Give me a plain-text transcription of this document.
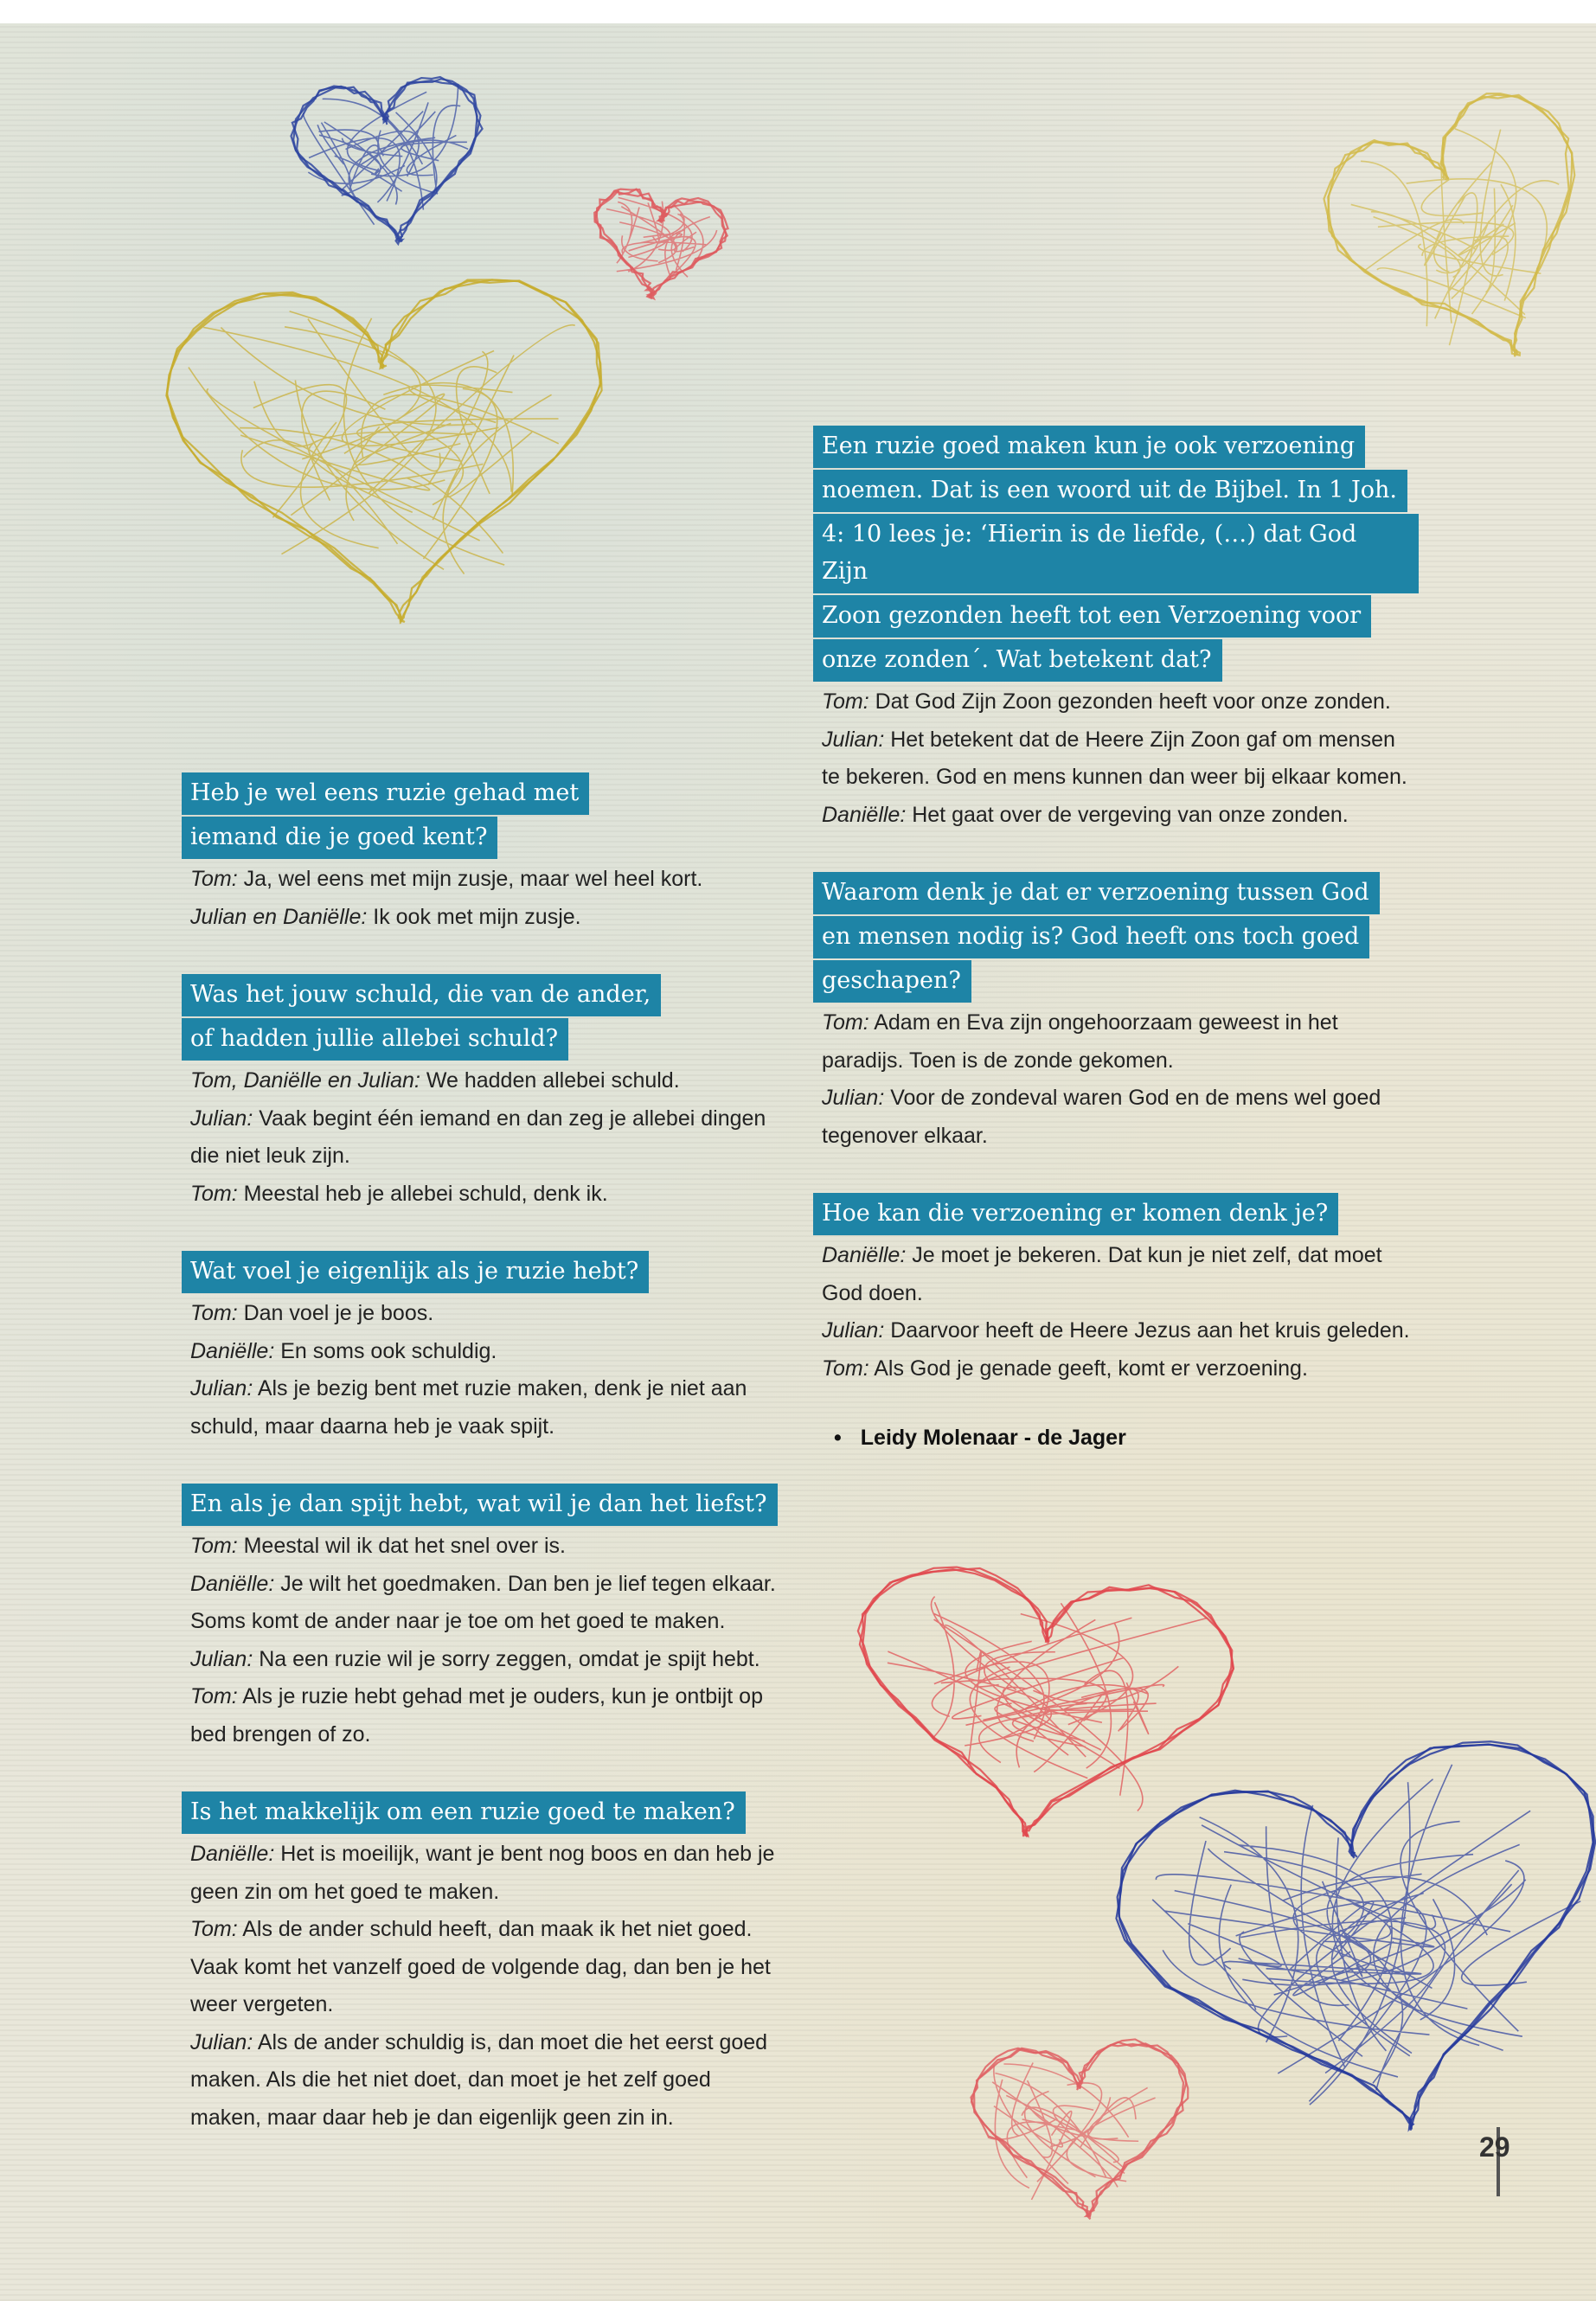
Heb je wel eens ruzie gehad met
iemand die je goed kent?

Tom: Ja, wel eens met mijn zusje, maar wel heel kort.

Julian en Daniëlle: Ik ook met mijn zusje.

Was het jouw schuld, die van de ander,
of hadden jullie allebei schuld?

Tom, Daniëlle en Julian: We hadden allebei schuld.

Julian: Vaak begint één iemand en dan zeg je allebei dingen die niet leuk zijn.

Tom: Meestal heb je allebei schuld, denk ik.

Wat voel je eigenlijk als je ruzie hebt?

Tom: Dan voel je je boos.

Daniëlle: En soms ook schuldig.

Julian: Als je bezig bent met ruzie maken, denk je niet aan schuld, maar daarna heb je vaak spijt.

En als je dan spijt hebt, wat wil je dan het liefst?

Tom: Meestal wil ik dat het snel over is.

Daniëlle: Je wilt het goedmaken. Dan ben je lief tegen elkaar. Soms komt de ander naar je toe om het goed te maken.

Julian: Na een ruzie wil je sorry zeggen, omdat je spijt hebt.

Tom: Als je ruzie hebt gehad met je ouders, kun je ontbijt op bed brengen of zo.

Is het makkelijk om een ruzie goed te maken?

Daniëlle: Het is moeilijk, want je bent nog boos en dan heb je geen zin om het goed te maken.

Tom: Als de ander schuld heeft, dan maak ik het niet goed. Vaak komt het vanzelf goed de volgende dag, dan ben je het weer vergeten.

Julian: Als de ander schuldig is, dan moet die het eerst goed maken. Als die het niet doet, dan moet je het zelf goed maken, maar daar heb je dan eigenlijk geen zin in.

Een ruzie goed maken kun je ook verzoening
noemen. Dat is een woord uit de Bijbel. In 1 Joh.
4: 10 lees je: ‘Hierin is de liefde, (…) dat God Zijn
Zoon gezonden heeft tot een Verzoening voor
onze zonden´. Wat betekent dat?

Tom: Dat God Zijn Zoon gezonden heeft voor onze zonden.

Julian: Het betekent dat de Heere Zijn Zoon gaf om mensen te bekeren. God en mens kunnen dan weer bij elkaar komen.

Daniëlle: Het gaat over de vergeving van onze zonden.

Waarom denk je dat er verzoening tussen God
en mensen nodig is? God heeft ons toch goed
geschapen?

Tom: Adam en Eva zijn ongehoorzaam geweest in het paradijs. Toen is de zonde gekomen.

Julian: Voor de zondeval waren God en de mens wel goed tegenover elkaar.

Hoe kan die verzoening er komen denk je?

Daniëlle: Je moet je bekeren. Dat kun je niet zelf, dat moet God doen.

Julian: Daarvoor heeft de Heere Jezus aan het kruis geleden.

Tom: Als God je genade geeft, komt er verzoening.

• Leidy Molenaar - de Jager
29
